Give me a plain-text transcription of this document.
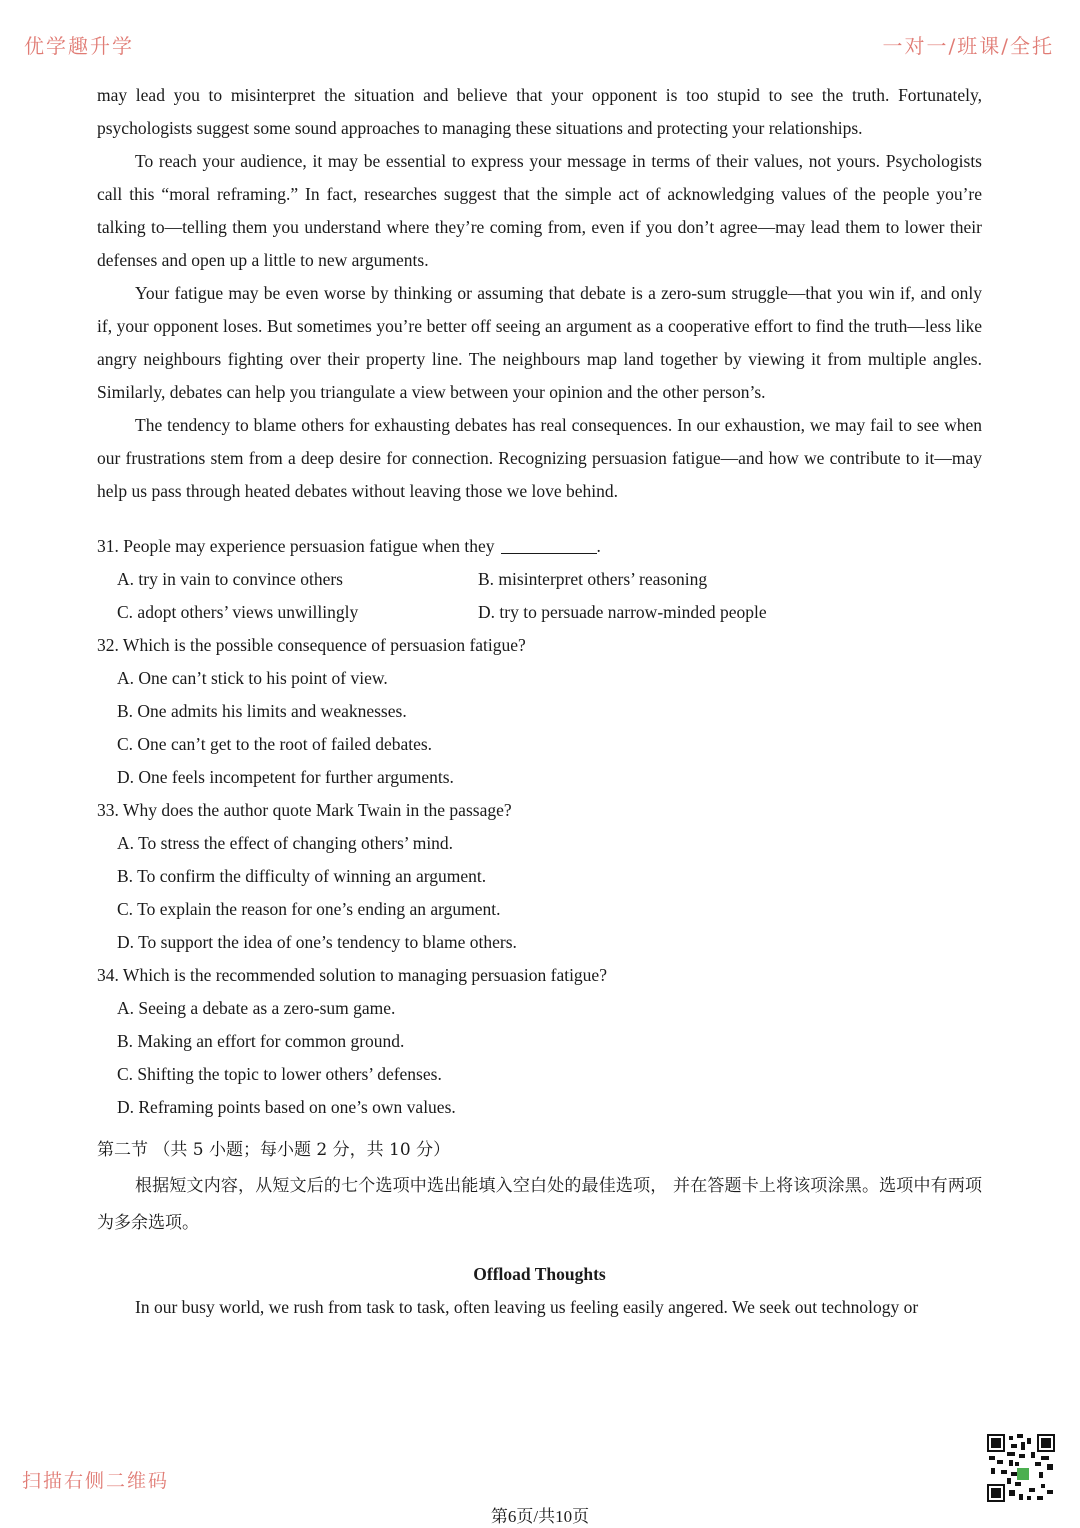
优学趣升学	一对一/班课/全托

may lead you to misinterpret the situation and believe that your opponent is too stupid to see the truth. Fortunately, psychologists suggest some sound approaches to managing these situations and protecting your relationships.

To reach your audience, it may be essential to express your message in terms of their values, not yours. Psychologists call this “moral reframing.” In fact, researches suggest that the simple act of acknowledging values of the people you’re talking to—telling them you understand where they’re coming from, even if you don’t agree—may lead them to lower their defenses and open up a little to new arguments.

Your fatigue may be even worse by thinking or assuming that debate is a zero-sum struggle—that you win if, and only if, your opponent loses. But sometimes you’re better off seeing an argument as a cooperative effort to find the truth—less like angry neighbours fighting over their property line. The neighbours map land together by viewing it from multiple angles. Similarly, debates can help you triangulate a view between your opinion and the other person’s.

The tendency to blame others for exhausting debates has real consequences. In our exhaustion, we may fail to see when our frustrations stem from a deep desire for connection. Recognizing persuasion fatigue—and how we contribute to it—may help us pass through heated debates without leaving those we love behind.

31. People may experience persuasion fatigue when they	.

A. try in vain to convince others	B. misinterpret others’ reasoning
C. adopt others’ views unwillingly	D. try to persuade narrow-minded people

32. Which is the possible consequence of persuasion fatigue?

A. One can’t stick to his point of view.

B. One admits his limits and weaknesses.

C. One can’t get to the root of failed debates.

D. One feels incompetent for further arguments.

33. Why does the author quote Mark Twain in the passage?

A. To stress the effect of changing others’ mind.

B. To confirm the difficulty of winning an argument.

C. To explain the reason for one’s ending an argument.

D. To support the idea of one’s tendency to blame others.

34. Which is the recommended solution to managing persuasion fatigue?

A. Seeing a debate as a zero-sum game.

B. Making an effort for common ground.

C. Shifting the topic to lower others’ defenses.

D. Reframing points based on one’s own values.

第二节 （共 5 小题；每小题 2 分，共 10 分）

根据短文内容，从短文后的七个选项中选出能填入空白处的最佳选项， 并在答题卡上将该项涂黑。选项中有两项为多余选项。

Offload Thoughts

In our busy world, we rush from task to task, often leaving us feeling easily angered. We seek out technology or

扫描右侧二维码
第6页/共10页
